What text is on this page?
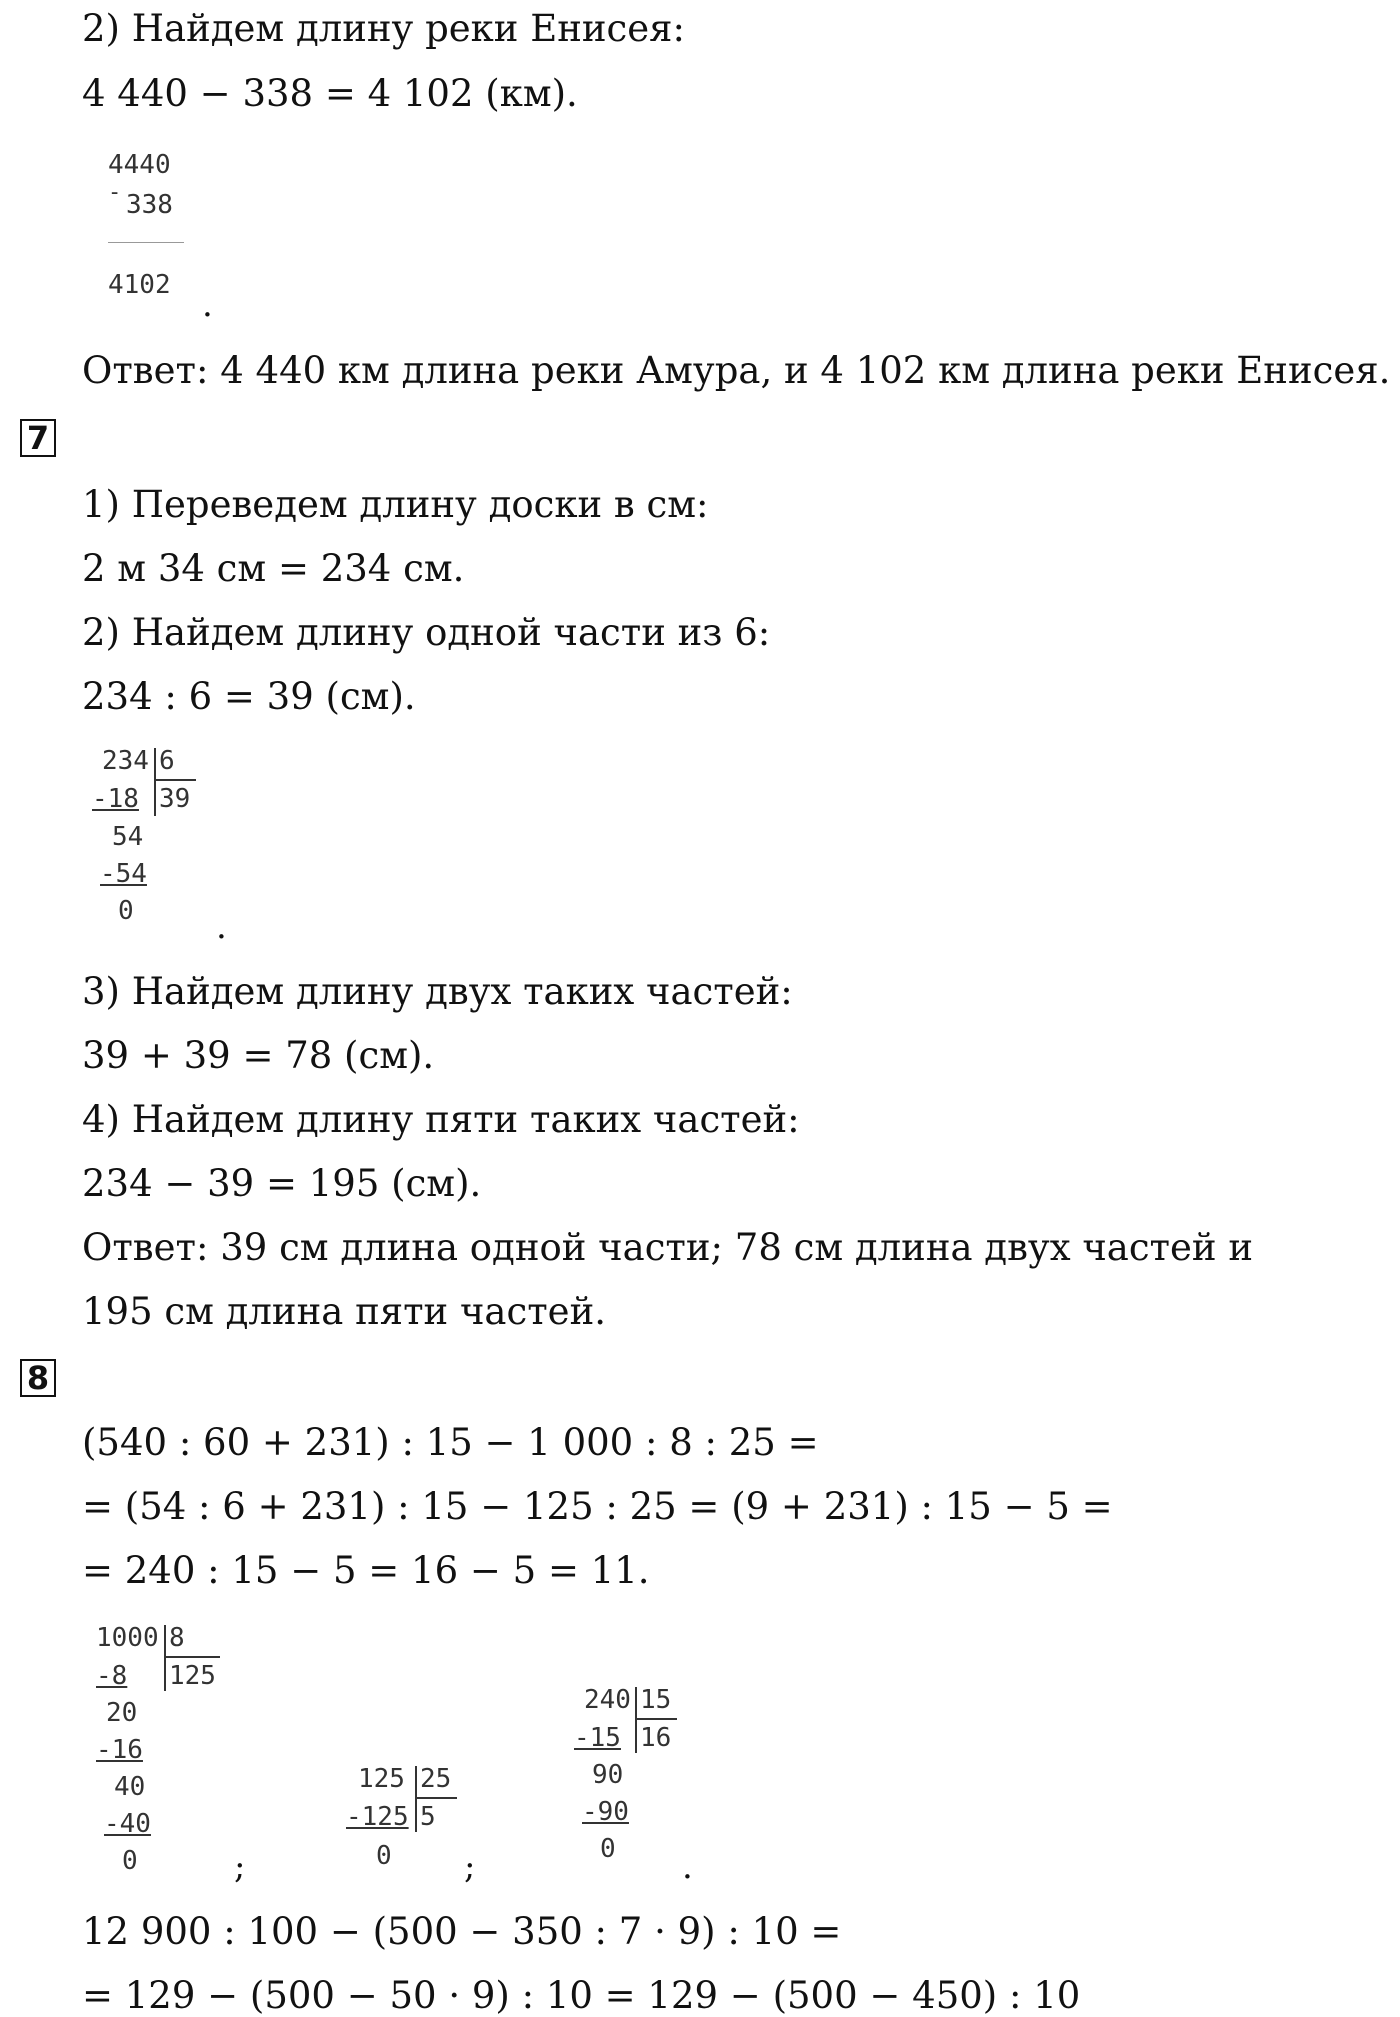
2) Найдем длину реки Енисея:
4 440 − 338 = 4 102 (км).
4440
- 338
4102 .
Ответ: 4 440 км длина реки Амура, и 4 102 км длина реки Енисея.
7
1) Переведем длину доски в см:
2 м 34 см = 234 см.
2) Найдем длину одной части из 6:
234 : 6 = 39 (см).
234 6
39
-18
54
-54
0 .
3) Найдем длину двух таких частей:
39 + 39 = 78 (см).
4) Найдем длину пяти таких частей:
234 − 39 = 195 (см).
Ответ: 39 см длина одной части; 78 см длина двух частей и
195 см длина пяти частей.
8
(540 : 60 + 231) : 15 − 1 000 : 8 : 25 =
= (54 : 6 + 231) : 15 − 125 : 25 = (9 + 231) : 15 − 5 =
= 240 : 15 − 5 = 16 − 5 = 11.
1000 8
125
-8
20
-16
40
-40
0	;
125 25
5
-125
0 ;
240 15
16
-15
90
-90
0 .
12 900 : 100 − (500 − 350 : 7 · 9) : 10 =
= 129 − (500 − 50 · 9) : 10 = 129 − (500 − 450) : 10
